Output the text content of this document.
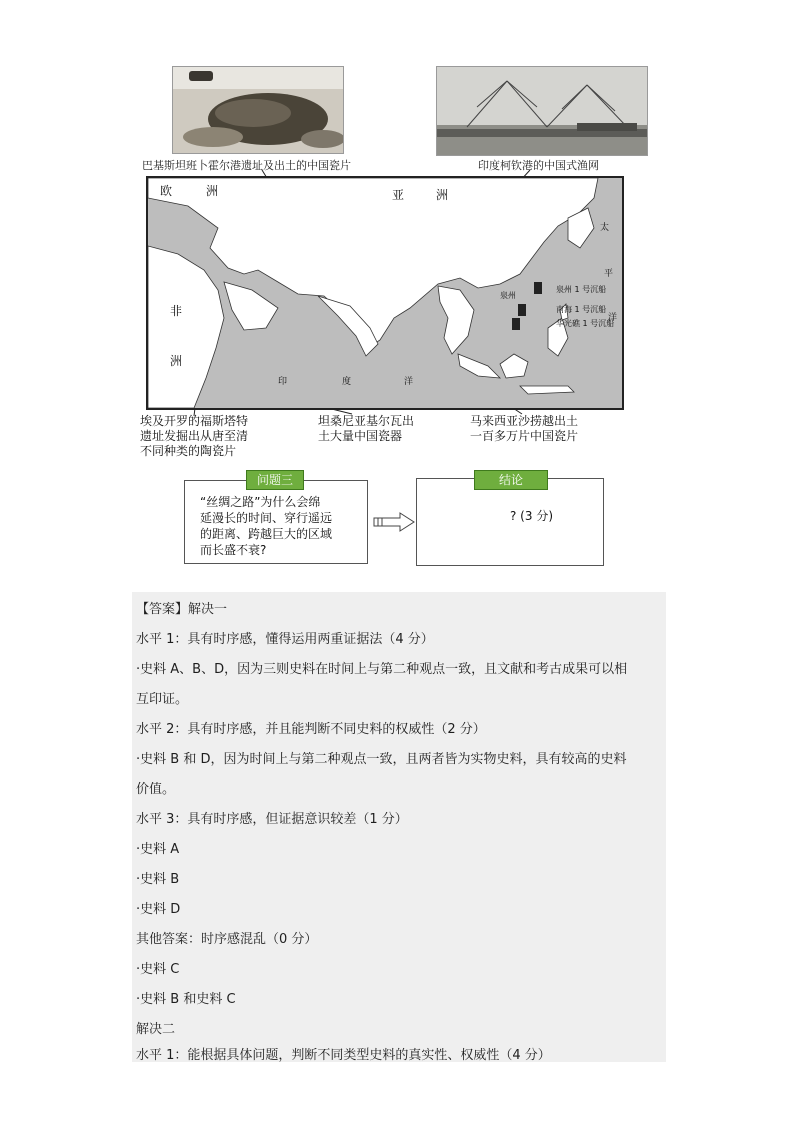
巴基斯坦班卜霍尔港遗址及出土的中国瓷片	印度柯钦港的中国式渔网
欧	洲	亚	洲
非
洲
印	度	洋
太
平
洋
泉州
泉州 1 号沉船
南海 1 号沉船
华光礁 1 号沉船
埃及开罗的福斯塔特
遗址发掘出从唐至清
不同种类的陶瓷片
坦桑尼亚基尔瓦出
土大量中国瓷器
马来西亚沙捞越出土
一百多万片中国瓷片
问题三
“丝绸之路”为什么会绵
延漫长的时间、穿行遥远
的距离、跨越巨大的区域
而长盛不衰?
结论
? (3 分)
【答案】解决一
水平 1：具有时序感，懂得运用两重证据法（4 分）
·史料 A、B、D，因为三则史料在时间上与第二种观点一致，且文献和考古成果可以相
互印证。
水平 2：具有时序感，并且能判断不同史料的权威性（2 分）
·史料 B 和 D，因为时间上与第二种观点一致，且两者皆为实物史料，具有较高的史料
价值。
水平 3：具有时序感，但证据意识较差（1 分）
·史料 A
·史料 B
·史料 D
其他答案：时序感混乱（0 分）
·史料 C
·史料 B 和史料 C
解决二
水平 1：能根据具体问题，判断不同类型史料的真实性、权威性（4 分）
